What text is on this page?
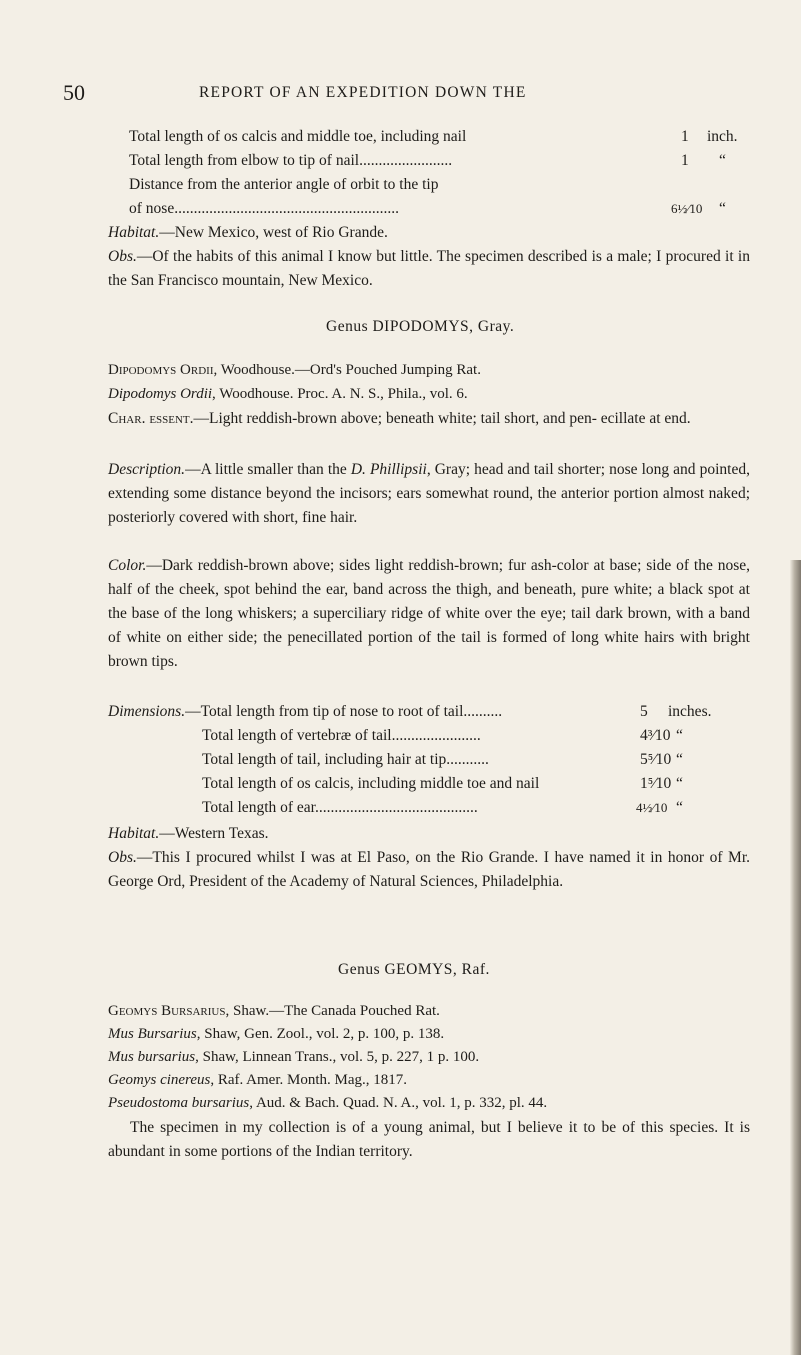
50	REPORT OF AN EXPEDITION DOWN THE
Total length of os calcis and middle toe, including nail	1 inch.
Total length from elbow to tip of nail........................	1 “
Distance from the anterior angle of orbit to the tip
of nose..........................................................	6½⁄10 “
Habitat.—New Mexico, west of Rio Grande.
Obs.—Of the habits of this animal I know but little. The specimen described is a male; I procured it in the San Francisco mountain, New Mexico.
Genus DIPODOMYS, Gray.
Dipodomys Ordii, Woodhouse.—Ord's Pouched Jumping Rat.
Dipodomys Ordii, Woodhouse. Proc. A. N. S., Phila., vol. 6.
Char. essent.—Light reddish-brown above; beneath white; tail short, and pen- ecillate at end.
Description.—A little smaller than the D. Phillipsii, Gray; head and tail shorter; nose long and pointed, extending some distance beyond the incisors; ears somewhat round, the anterior portion almost naked; posteriorly covered with short, fine hair.
Color.—Dark reddish-brown above; sides light reddish-brown; fur ash-color at base; side of the nose, half of the cheek, spot behind the ear, band across the thigh, and beneath, pure white; a black spot at the base of the long whiskers; a superciliary ridge of white over the eye; tail dark brown, with a band of white on either side; the penecillated portion of the tail is formed of long white hairs with bright brown tips.
Dimensions.—Total length from tip of nose to root of tail..........	5 inches.
Total length of vertebræ of tail.......................	4³⁄10 “
Total length of tail, including hair at tip...........	5⁵⁄10 “
Total length of os calcis, including middle toe and nail	1⁵⁄10 “
Total length of ear..........................................	4½⁄10 “
Habitat.—Western Texas.
Obs.—This I procured whilst I was at El Paso, on the Rio Grande. I have named it in honor of Mr. George Ord, President of the Academy of Natural Sciences, Philadelphia.
Genus GEOMYS, Raf.
Geomys Bursarius, Shaw.—The Canada Pouched Rat.
Mus Bursarius, Shaw, Gen. Zool., vol. 2, p. 100, p. 138.
Mus bursarius, Shaw, Linnean Trans., vol. 5, p. 227, 1 p. 100.
Geomys cinereus, Raf. Amer. Month. Mag., 1817.
Pseudostoma bursarius, Aud. & Bach. Quad. N. A., vol. 1, p. 332, pl. 44.
The specimen in my collection is of a young animal, but I believe it to be of this species. It is abundant in some portions of the Indian territory.
